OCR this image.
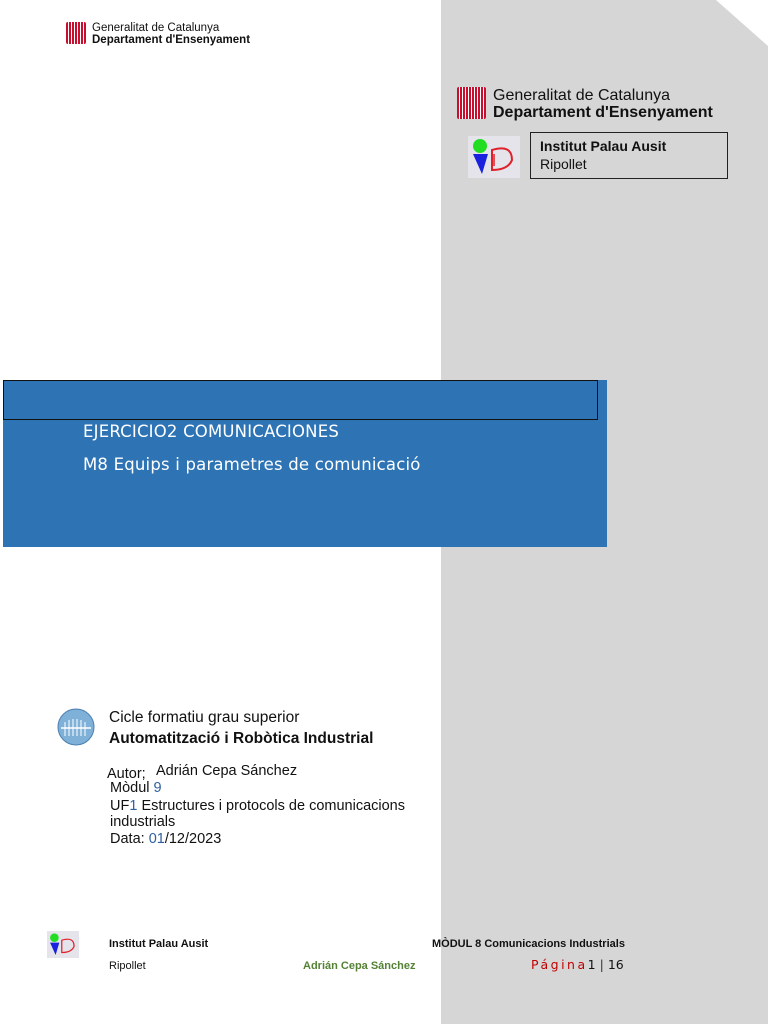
Generalitat de Catalunya
Departament d'Ensenyament
Generalitat de Catalunya
Departament d'Ensenyament
Institut Palau Ausit
Ripollet
EJERCICIO2 COMUNICACIONES
M8 Equips i parametres de comunicació
Cicle formatiu grau superior
Automatització i Robòtica Industrial
Autor; Adrián Cepa Sánchez
Mòdul 9
UF1 Estructures i protocols de comunicacions
industrials
Data: 01/12/2023
Institut Palau Ausit	MÒDUL 8 Comunicacions Industrials
Ripollet	Adrián Cepa Sánchez	Página1 | 16
